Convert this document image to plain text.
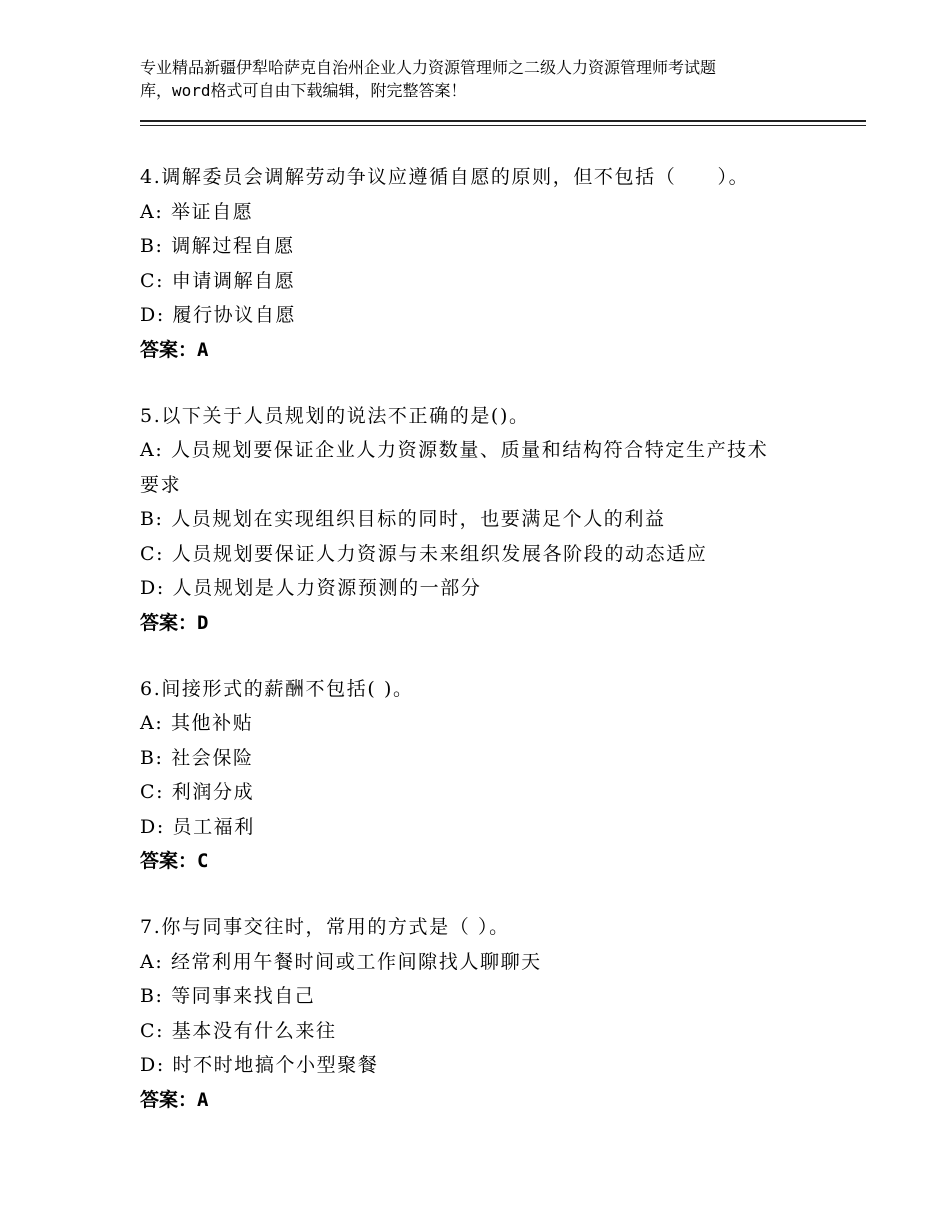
专业精品新疆伊犁哈萨克自治州企业人力资源管理师之二级人力资源管理师考试题
库，word格式可自由下载编辑，附完整答案！
4.调解委员会调解劳动争议应遵循自愿的原则，但不包括（　　）。
A: 举证自愿
B: 调解过程自愿
C: 申请调解自愿
D: 履行协议自愿
答案：A
5.以下关于人员规划的说法不正确的是()。
A: 人员规划要保证企业人力资源数量、质量和结构符合特定生产技术
要求
B: 人员规划在实现组织目标的同时，也要满足个人的利益
C: 人员规划要保证人力资源与未来组织发展各阶段的动态适应
D: 人员规划是人力资源预测的一部分
答案：D
6.间接形式的薪酬不包括( )。
A: 其他补贴
B: 社会保险
C: 利润分成
D: 员工福利
答案：C
7.你与同事交往时，常用的方式是（ ）。
A: 经常利用午餐时间或工作间隙找人聊聊天
B: 等同事来找自己
C: 基本没有什么来往
D: 时不时地搞个小型聚餐
答案：A
